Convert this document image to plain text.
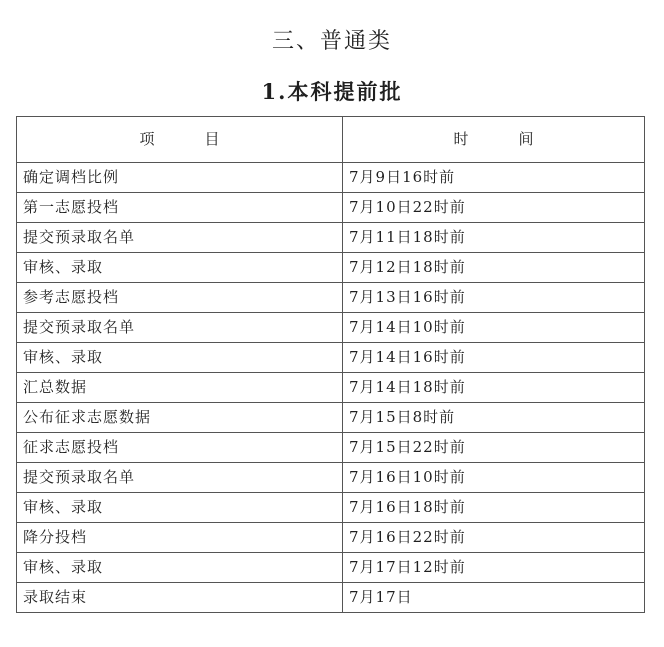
三、普通类
1.本科提前批
项目	时间
确定调档比例	7月9日16时前
第一志愿投档	7月10日22时前
提交预录取名单	7月11日18时前
审核、录取	7月12日18时前
参考志愿投档	7月13日16时前
提交预录取名单	7月14日10时前
审核、录取	7月14日16时前
汇总数据	7月14日18时前
公布征求志愿数据	7月15日8时前
征求志愿投档	7月15日22时前
提交预录取名单	7月16日10时前
审核、录取	7月16日18时前
降分投档	7月16日22时前
审核、录取	7月17日12时前
录取结束	7月17日
